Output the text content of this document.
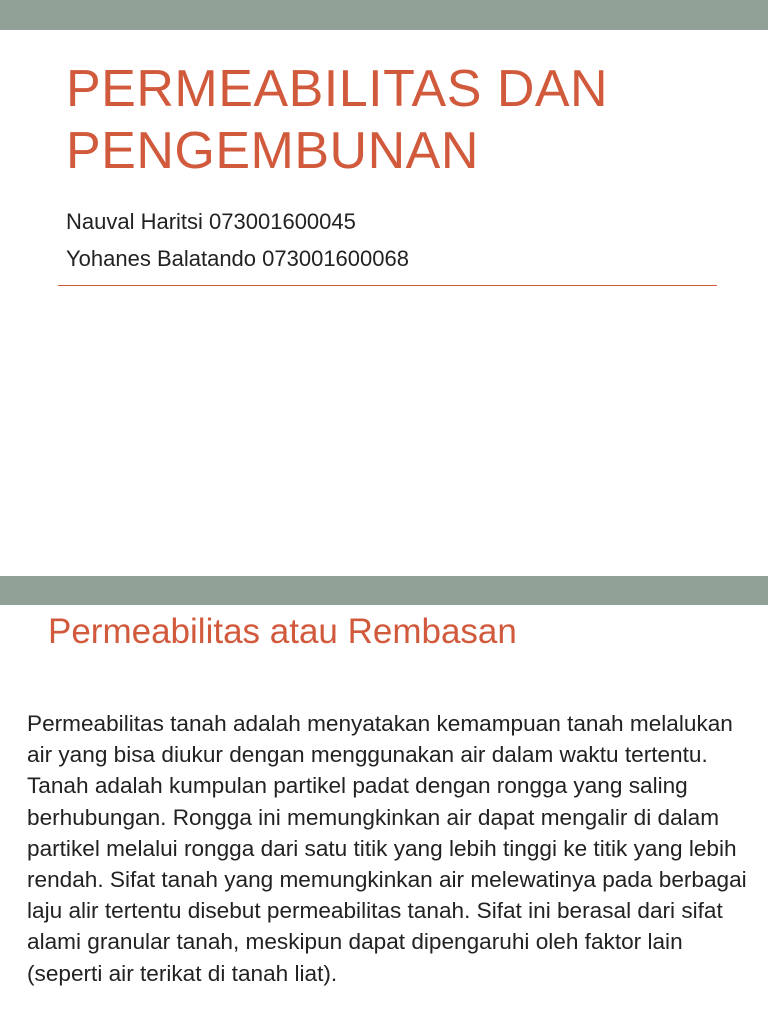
PERMEABILITAS DAN PENGEMBUNAN
Nauval Haritsi 073001600045
Yohanes Balatando 073001600068
Permeabilitas atau Rembasan

Permeabilitas tanah adalah menyatakan kemampuan tanah melalukan air yang bisa diukur dengan menggunakan air dalam waktu tertentu. Tanah adalah kumpulan partikel padat dengan rongga yang saling berhubungan. Rongga ini memungkinkan air dapat mengalir di dalam partikel melalui rongga dari satu titik yang lebih tinggi ke titik yang lebih rendah. Sifat tanah yang memungkinkan air melewatinya pada berbagai laju alir tertentu disebut permeabilitas tanah. Sifat ini berasal dari sifat alami granular tanah, meskipun dapat dipengaruhi oleh faktor lain (seperti air terikat di tanah liat).
